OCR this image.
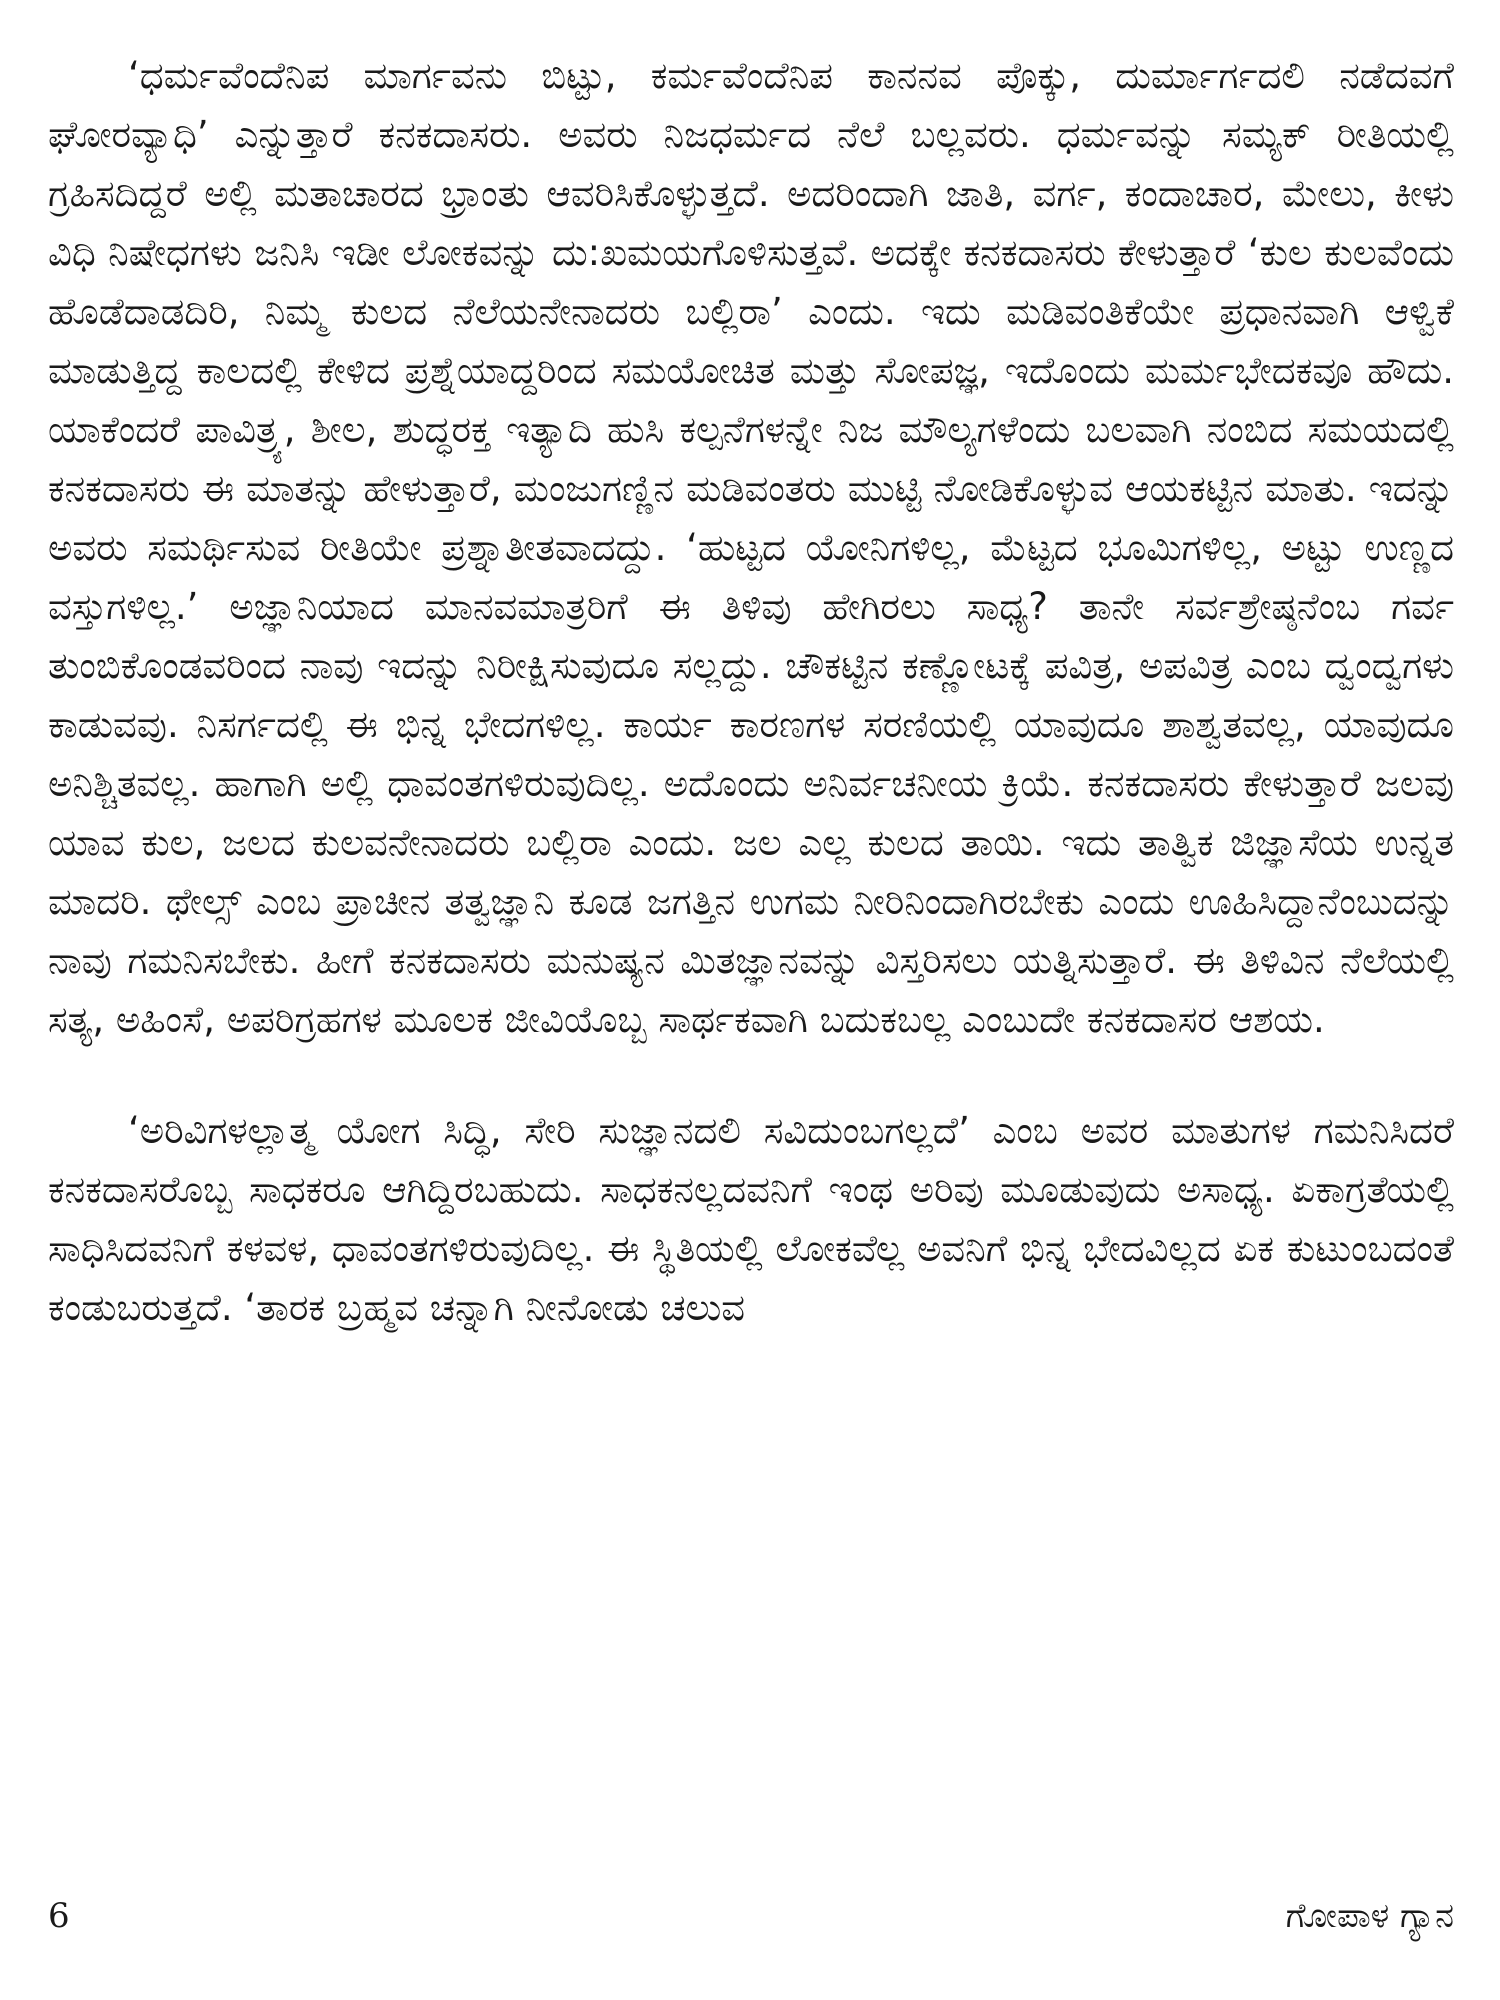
‘ಧರ್ಮವೆಂದೆನಿಪ ಮಾರ್ಗವನು ಬಿಟ್ಟು, ಕರ್ಮವೆಂದೆನಿಪ ಕಾನನವ ಪೊಕ್ಕು, ದುರ್ಮಾರ್ಗದಲಿ ನಡೆದವಗೆ ಘೋರವ್ಯಾಧಿ’ ಎನ್ನುತ್ತಾರೆ ಕನಕದಾಸರು. ಅವರು ನಿಜಧರ್ಮದ ನೆಲೆ ಬಲ್ಲವರು. ಧರ್ಮವನ್ನು ಸಮ್ಯಕ್ ರೀತಿಯಲ್ಲಿ ಗ್ರಹಿಸದಿದ್ದರೆ ಅಲ್ಲಿ ಮತಾಚಾರದ ಭ್ರಾಂತು ಆವರಿಸಿಕೊಳ್ಳುತ್ತದೆ. ಅದರಿಂದಾಗಿ ಜಾತಿ, ವರ್ಗ, ಕಂದಾಚಾರ, ಮೇಲು, ಕೀಳು ವಿಧಿ ನಿಷೇಧಗಳು ಜನಿಸಿ ಇಡೀ ಲೋಕವನ್ನು ದು:ಖಮಯಗೊಳಿಸುತ್ತವೆ. ಅದಕ್ಕೇ ಕನಕದಾಸರು ಕೇಳುತ್ತಾರೆ ‘ಕುಲ ಕುಲವೆಂದು ಹೊಡೆದಾಡದಿರಿ, ನಿಮ್ಮ ಕುಲದ ನೆಲೆಯನೇನಾದರು ಬಲ್ಲಿರಾ’ ಎಂದು. ಇದು ಮಡಿವಂತಿಕೆಯೇ ಪ್ರಧಾನವಾಗಿ ಆಳ್ವಿಕೆ ಮಾಡುತ್ತಿದ್ದ ಕಾಲದಲ್ಲಿ ಕೇಳಿದ ಪ್ರಶ್ನೆಯಾದ್ದರಿಂದ ಸಮಯೋಚಿತ ಮತ್ತು ಸೋಪಜ್ಞ, ಇದೊಂದು ಮರ್ಮಭೇದಕವೂ ಹೌದು. ಯಾಕೆಂದರೆ ಪಾವಿತ್ರ್ಯ, ಶೀಲ, ಶುದ್ಧರಕ್ತ ಇತ್ಯಾದಿ ಹುಸಿ ಕಲ್ಪನೆಗಳನ್ನೇ ನಿಜ ಮೌಲ್ಯಗಳೆಂದು ಬಲವಾಗಿ ನಂಬಿದ ಸಮಯದಲ್ಲಿ ಕನಕದಾಸರು ಈ ಮಾತನ್ನು ಹೇಳುತ್ತಾರೆ, ಮಂಜುಗಣ್ಣಿನ ಮಡಿವಂತರು ಮುಟ್ಟಿ ನೋಡಿಕೊಳ್ಳುವ ಆಯಕಟ್ಟಿನ ಮಾತು. ಇದನ್ನು ಅವರು ಸಮರ್ಥಿಸುವ ರೀತಿಯೇ ಪ್ರಶ್ನಾತೀತವಾದದ್ದು. ‘ಹುಟ್ಟದ ಯೋನಿಗಳಿಲ್ಲ, ಮೆಟ್ಟದ ಭೂಮಿಗಳಿಲ್ಲ, ಅಟ್ಟು ಉಣ್ಣದ ವಸ್ತುಗಳಿಲ್ಲ.’ ಅಜ್ಞಾನಿಯಾದ ಮಾನವಮಾತ್ರರಿಗೆ ಈ ತಿಳಿವು ಹೇಗಿರಲು ಸಾಧ್ಯ? ತಾನೇ ಸರ್ವಶ್ರೇಷ್ಠನೆಂಬ ಗರ್ವ ತುಂಬಿಕೊಂಡವರಿಂದ ನಾವು ಇದನ್ನು ನಿರೀಕ್ಷಿಸುವುದೂ ಸಲ್ಲದ್ದು. ಚೌಕಟ್ಟಿನ ಕಣ್ಣೋಟಕ್ಕೆ ಪವಿತ್ರ, ಅಪವಿತ್ರ ಎಂಬ ದ್ವಂದ್ವಗಳು ಕಾಡುವವು. ನಿಸರ್ಗದಲ್ಲಿ ಈ ಭಿನ್ನ ಭೇದಗಳಿಲ್ಲ. ಕಾರ್ಯ ಕಾರಣಗಳ ಸರಣಿಯಲ್ಲಿ ಯಾವುದೂ ಶಾಶ್ವತವಲ್ಲ, ಯಾವುದೂ ಅನಿಶ್ಚಿತವಲ್ಲ. ಹಾಗಾಗಿ ಅಲ್ಲಿ ಧಾವಂತಗಳಿರುವುದಿಲ್ಲ. ಅದೊಂದು ಅನಿರ್ವಚನೀಯ ಕ್ರಿಯೆ. ಕನಕದಾಸರು ಕೇಳುತ್ತಾರೆ ಜಲವು ಯಾವ ಕುಲ, ಜಲದ ಕುಲವನೇನಾದರು ಬಲ್ಲಿರಾ ಎಂದು. ಜಲ ಎಲ್ಲ ಕುಲದ ತಾಯಿ. ಇದು ತಾತ್ವಿಕ ಜಿಜ್ಞಾಸೆಯ ಉನ್ನತ ಮಾದರಿ. ಥೇಲ್ಸ್ ಎಂಬ ಪ್ರಾಚೀನ ತತ್ವಜ್ಞಾನಿ ಕೂಡ ಜಗತ್ತಿನ ಉಗಮ ನೀರಿನಿಂದಾಗಿರಬೇಕು ಎಂದು ಊಹಿಸಿದ್ದಾನೆಂಬುದನ್ನು ನಾವು ಗಮನಿಸಬೇಕು. ಹೀಗೆ ಕನಕದಾಸರು ಮನುಷ್ಯನ ಮಿತಜ್ಞಾನವನ್ನು ವಿಸ್ತರಿಸಲು ಯತ್ನಿಸುತ್ತಾರೆ. ಈ ತಿಳಿವಿನ ನೆಲೆಯಲ್ಲಿ ಸತ್ಯ, ಅಹಿಂಸೆ, ಅಪರಿಗ್ರಹಗಳ ಮೂಲಕ ಜೀವಿಯೊಬ್ಬ ಸಾರ್ಥಕವಾಗಿ ಬದುಕಬಲ್ಲ ಎಂಬುದೇ ಕನಕದಾಸರ ಆಶಯ.

‘ಅರಿವಿಗಳಲ್ಲಾತ್ಮ ಯೋಗ ಸಿದ್ಧಿ, ಸೇರಿ ಸುಜ್ಞಾನದಲಿ ಸವಿದುಂಬಗಲ್ಲದೆ’ ಎಂಬ ಅವರ ಮಾತುಗಳ ಗಮನಿಸಿದರೆ ಕನಕದಾಸರೊಬ್ಬ ಸಾಧಕರೂ ಆಗಿದ್ದಿರಬಹುದು. ಸಾಧಕನಲ್ಲದವನಿಗೆ ಇಂಥ ಅರಿವು ಮೂಡುವುದು ಅಸಾಧ್ಯ. ಏಕಾಗ್ರತೆಯಲ್ಲಿ ಸಾಧಿಸಿದವನಿಗೆ ಕಳವಳ, ಧಾವಂತಗಳಿರುವುದಿಲ್ಲ. ಈ ಸ್ಥಿತಿಯಲ್ಲಿ ಲೋಕವೆಲ್ಲ ಅವನಿಗೆ ಭಿನ್ನ ಭೇದವಿಲ್ಲದ ಏಕ ಕುಟುಂಬದಂತೆ ಕಂಡುಬರುತ್ತದೆ. ‘ತಾರಕ ಬ್ರಹ್ಮವ ಚನ್ನಾಗಿ ನೀನೋಡು ಚಲುವ

6	ಗೋಪಾಳ ಗ್ಯಾನ
